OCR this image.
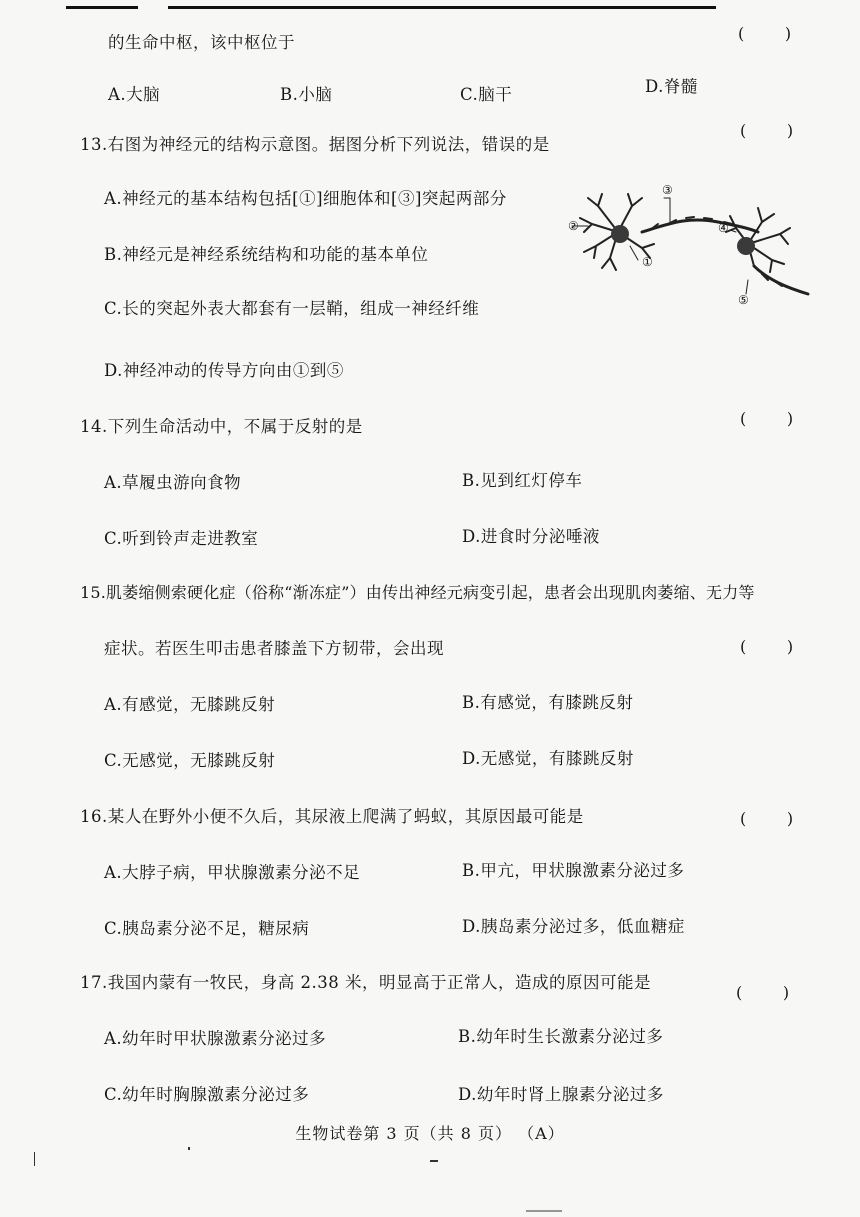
的生命中枢，该中枢位于	(        )
A.大脑	B.小脑	C.脑干	D.脊髓
13.右图为神经元的结构示意图。据图分析下列说法，错误的是
(        )
A.神经元的基本结构包括[①]细胞体和[③]突起两部分
B.神经元是神经系统结构和功能的基本单位
C.长的突起外表大都套有一层鞘，组成一神经纤维
D.神经冲动的传导方向由①到⑤
②
①
③
④
⑤
14.下列生命活动中，不属于反射的是	(        )
A.草履虫游向食物	B.见到红灯停车
C.听到铃声走进教室	D.进食时分泌唾液
15.肌萎缩侧索硬化症（俗称“渐冻症”）由传出神经元病变引起，患者会出现肌肉萎缩、无力等
症状。若医生叩击患者膝盖下方韧带，会出现	(        )
A.有感觉，无膝跳反射	B.有感觉，有膝跳反射
C.无感觉，无膝跳反射	D.无感觉，有膝跳反射
16.某人在野外小便不久后，其尿液上爬满了蚂蚁，其原因最可能是	(        )
A.大脖子病，甲状腺激素分泌不足	B.甲亢，甲状腺激素分泌过多
C.胰岛素分泌不足，糖尿病	D.胰岛素分泌过多，低血糖症
17.我国内蒙有一牧民，身高 2.38 米，明显高于正常人，造成的原因可能是
(        )
A.幼年时甲状腺激素分泌过多	B.幼年时生长激素分泌过多
C.幼年时胸腺激素分泌过多	D.幼年时肾上腺素分泌过多
生物试卷第 3 页（共 8 页） （A）
